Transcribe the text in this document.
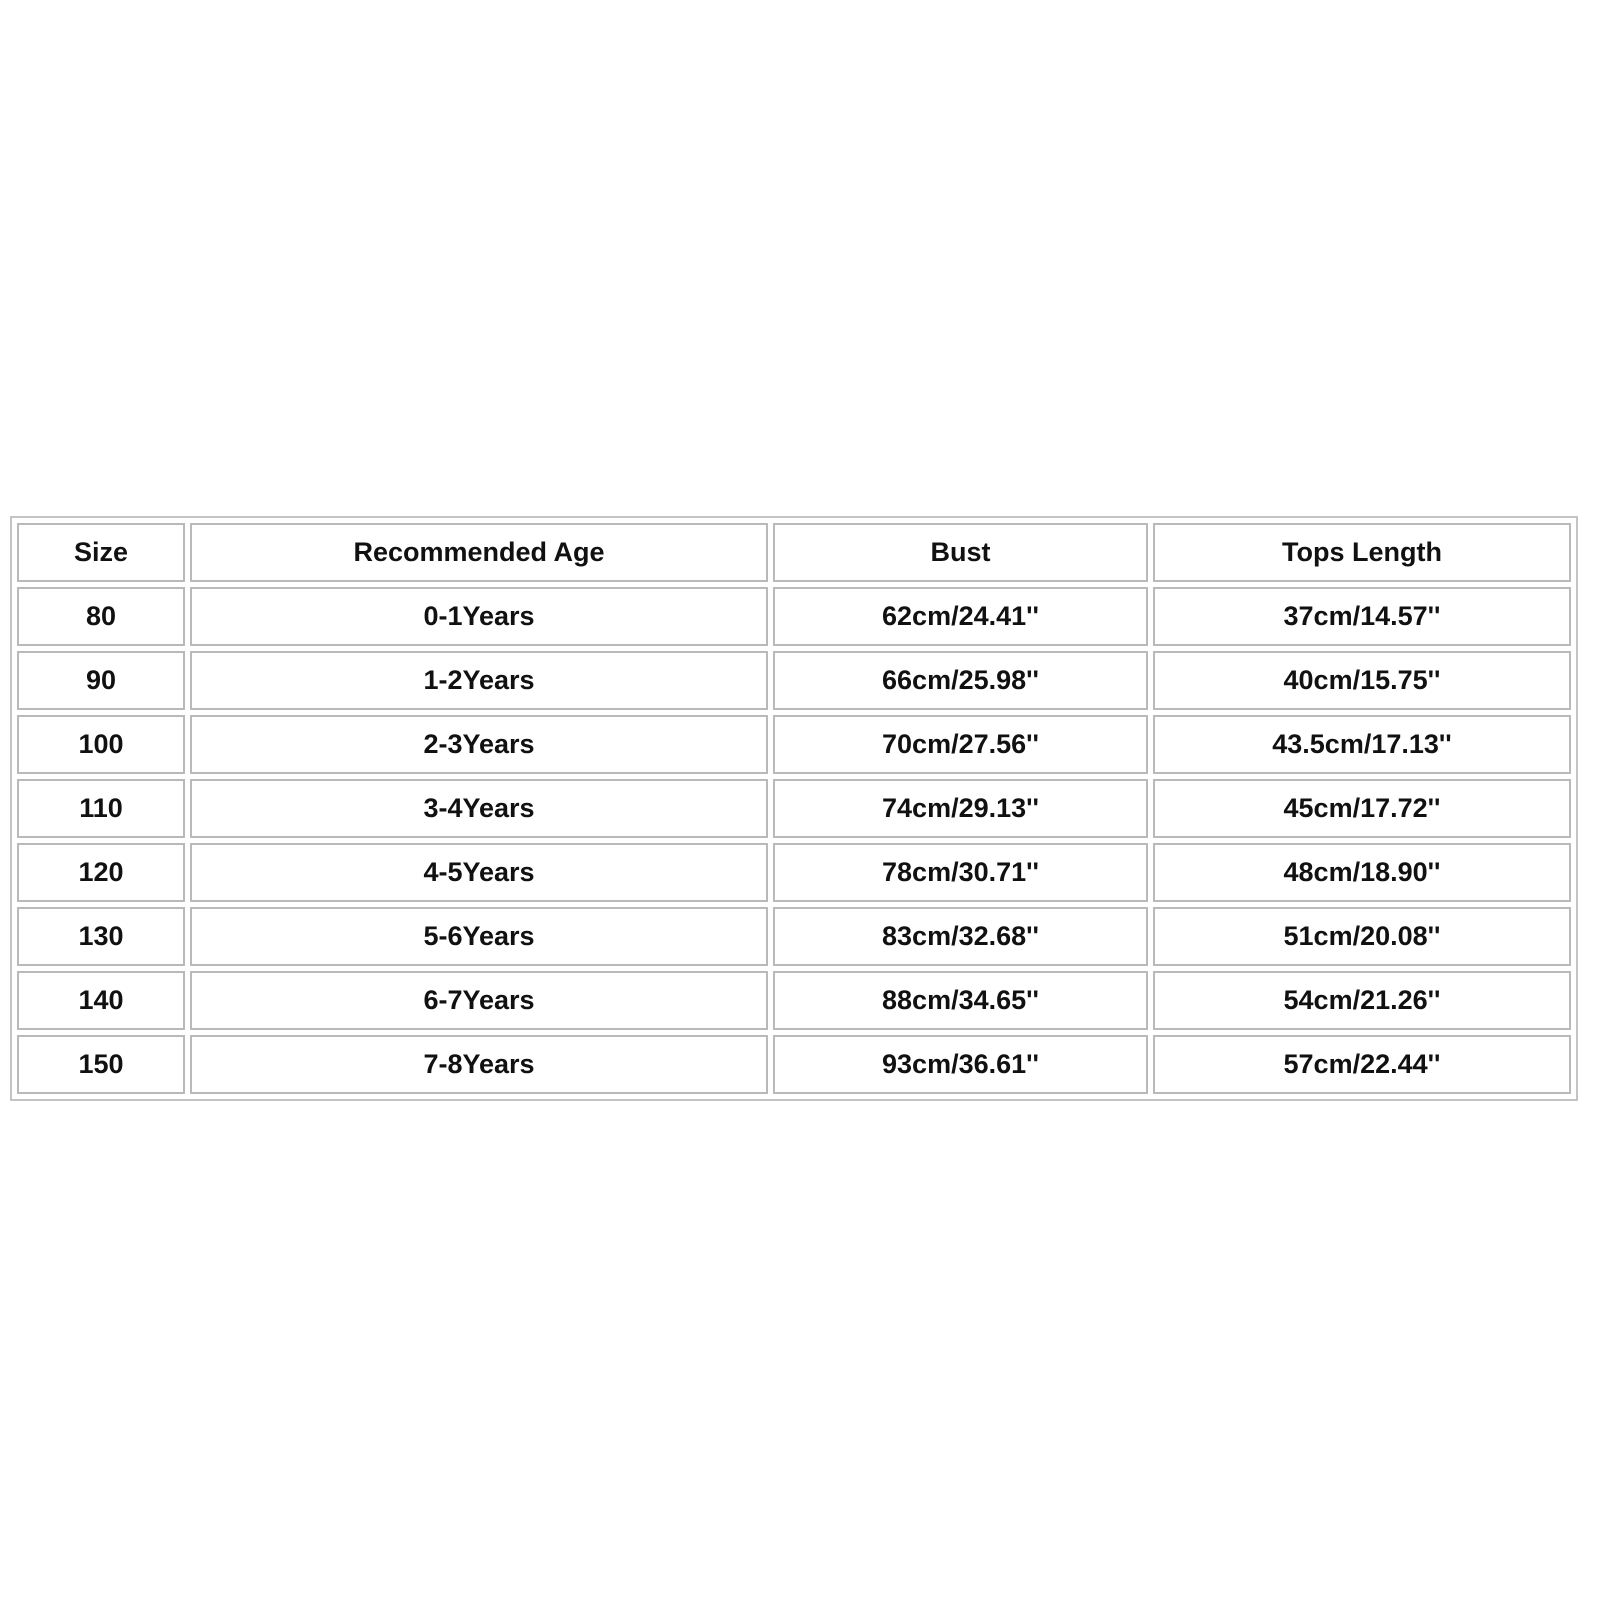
Size	Recommended Age	Bust	Tops Length
80	0-1Years	62cm/24.41''	37cm/14.57''
90	1-2Years	66cm/25.98''	40cm/15.75''
100	2-3Years	70cm/27.56''	43.5cm/17.13''
110	3-4Years	74cm/29.13''	45cm/17.72''
120	4-5Years	78cm/30.71''	48cm/18.90''
130	5-6Years	83cm/32.68''	51cm/20.08''
140	6-7Years	88cm/34.65''	54cm/21.26''
150	7-8Years	93cm/36.61''	57cm/22.44''
